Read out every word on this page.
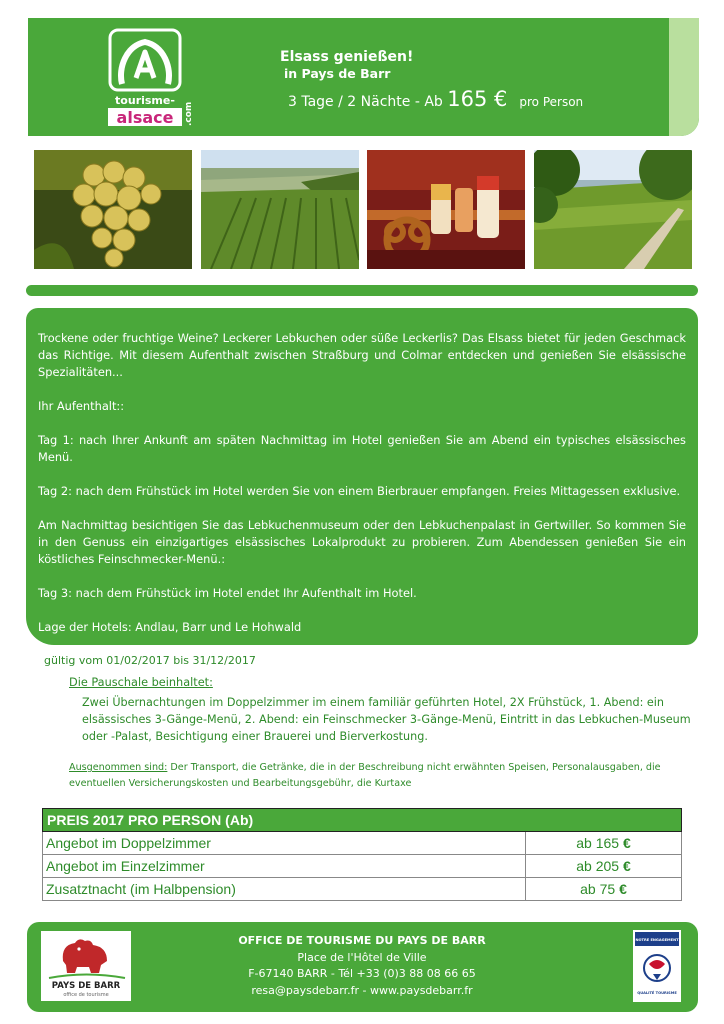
tourisme-
alsace .com
Elsass genießen!
in Pays de Barr
3 Tage / 2 Nächte - Ab 165 € pro Person

Trockene oder fruchtige Weine? Leckerer Lebkuchen oder süße Leckerlis? Das Elsass bietet für jeden Geschmack das Richtige. Mit diesem Aufenthalt zwischen Straßburg und Colmar entdecken und genießen Sie elsässische Spezialitäten...

Ihr Aufenthalt::

Tag 1: nach Ihrer Ankunft am späten Nachmittag im Hotel genießen Sie am Abend ein typisches elsässisches Menü.

Tag 2: nach dem Frühstück im Hotel werden Sie von einem Bierbrauer empfangen. Freies Mittagessen exklusive.

Am Nachmittag besichtigen Sie das Lebkuchenmuseum oder den Lebkuchenpalast in Gertwiller. So kommen Sie in den Genuss ein einzigartiges elsässisches Lokalprodukt zu probieren. Zum Abendessen genießen Sie ein köstliches Feinschmecker-Menü.:

Tag 3: nach dem Frühstück im Hotel endet Ihr Aufenthalt im Hotel.

Lage der Hotels: Andlau, Barr und Le Hohwald

gültig vom 01/02/2017 bis 31/12/2017
Die Pauschale beinhaltet:
Zwei Übernachtungen im Doppelzimmer im einem familiär geführten Hotel, 2X Frühstück, 1. Abend: ein elsässisches 3-Gänge-Menü, 2. Abend: ein Feinschmecker 3-Gänge-Menü, Eintritt in das Lebkuchen-Museum oder -Palast, Besichtigung einer Brauerei und Bierverkostung.
Ausgenommen sind: Der Transport, die Getränke, die in der Beschreibung nicht erwähnten Speisen, Personalausgaben, die eventuellen Versicherungskosten und Bearbeitungsgebühr, die Kurtaxe
PREIS 2017 PRO PERSON (Ab)	
Angebot im Doppelzimmer	ab 165 €
Angebot im Einzelzimmer	ab 205 €
Zusatztnacht (im Halbpension)	ab 75 €
PAYS DE BARR
office de tourisme
OFFICE DE TOURISME DU PAYS DE BARR
Place de l'Hôtel de Ville
F-67140 BARR - Tél +33 (0)3 88 08 66 65
resa@paysdebarr.fr - www.paysdebarr.fr
NOTRE ENGAGEMENT
QUALITÉ TOURISME
